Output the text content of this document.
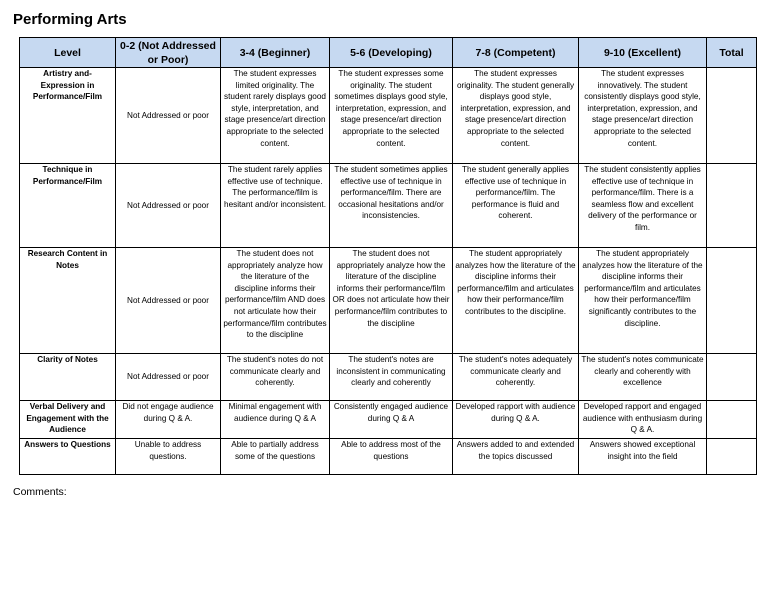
Performing Arts
Level	0-2 (Not Addressed or Poor)	3-4 (Beginner)	5-6 (Developing)	7-8 (Competent)	9-10 (Excellent)	Total
Artistry and-Expression in Performance/Film	Not Addressed or poor	The student expresses limited originality. The student rarely displays good style, interpretation, and stage presence/art direction appropriate to the selected content.	The student expresses some originality. The student sometimes displays good style, interpretation, expression, and stage presence/art direction appropriate to the selected content.	The student expresses originality. The student generally displays good style, interpretation, expression, and stage presence/art direction appropriate to the selected content.	The student expresses innovatively. The student consistently displays good style, interpretation, expression, and stage presence/art direction appropriate to the selected content.	
Technique in Performance/Film	Not Addressed or poor	The student rarely applies effective use of technique. The performance/film is hesitant and/or inconsistent.	The student sometimes applies effective use of technique in performance/film. There are occasional hesitations and/or inconsistencies.	The student generally applies effective use of technique in performance/film. The performance is fluid and coherent.	The student consistently applies effective use of technique in performance/film. There is a seamless flow and excellent delivery of the performance or film.	
Research Content in Notes	Not Addressed or poor	The student does not appropriately analyze how the literature of the discipline informs their performance/film AND does not articulate how their performance/film contributes to the discipline	The student does not appropriately analyze how the literature of the discipline informs their performance/film OR does not articulate how their performance/film contributes to the discipline	The student appropriately analyzes how the literature of the discipline informs their performance/film and articulates how their performance/film contributes to the discipline.	The student appropriately analyzes how the literature of the discipline informs their performance/film and articulates how their performance/film significantly contributes to the discipline.	
Clarity of Notes	Not Addressed or poor	The student's notes do not communicate clearly and coherently.	The student's notes are inconsistent in communicating clearly and coherently	The student's notes adequately communicate clearly and coherently.	The student's notes communicate clearly and coherently with excellence	
Verbal Delivery and Engagement with the Audience	Did not engage audience during Q & A.	Minimal engagement with audience during Q & A	Consistently engaged audience during Q & A	Developed rapport with audience during Q & A.	Developed rapport and engaged audience with enthusiasm during Q & A.	
Answers to Questions	Unable to address questions.	Able to partially address some of the questions	Able to address most of the questions	Answers added to and extended the topics discussed	Answers showed exceptional insight into the field	
Comments:
